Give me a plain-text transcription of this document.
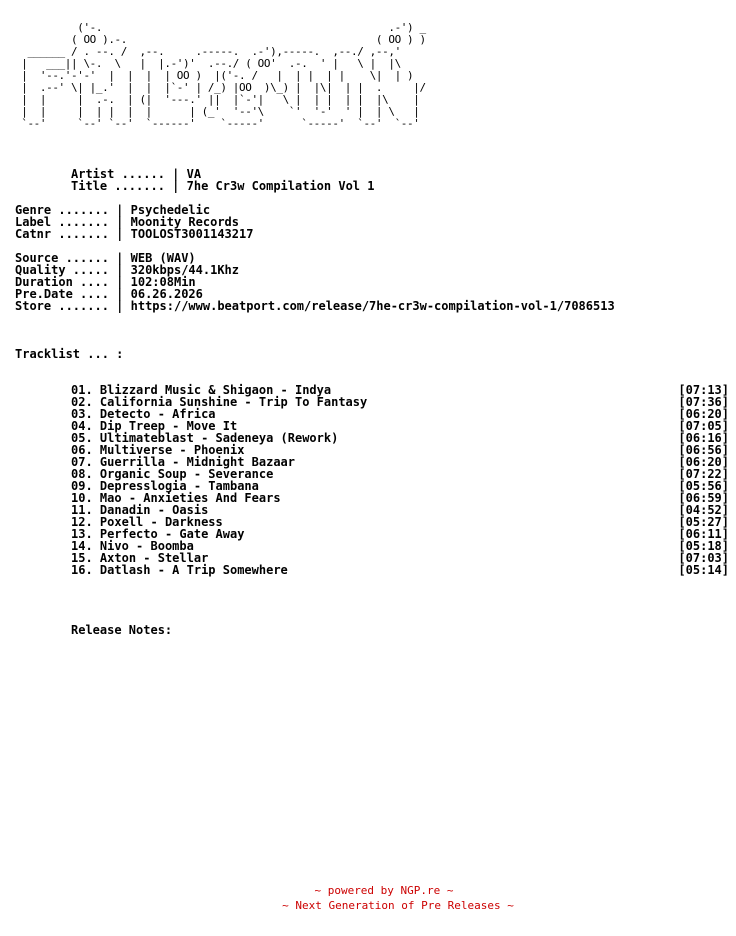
('-.                                              .-') _
( OO ).-.                                        ( OO ) )
______ / . --. /  ,--.     .-----.  .-'),-----.  ,--./ ,--,'
|   ___|| \-.  \   |  |.-')'  .--./ ( OO'  .-.  ' |   \ |  |\
|  '--.'-'-'  |  |  |  | OO )  |('-. /   |  | |  | |    \|  | )
|  .--' \| |_.'  |  |  |`-' | /_) |OO  )\_) |  |\|  | |  .     |/
|  |     |  .-.  | (|  '---.' ||  |`-'|   \ |  | |  | |  |\    |
|  |     |  | |  |  |      | (_'  '--'\    `'  '-'  ' |  | \   |
`--'     `--' `--'  `------'    `-----'      `-----'  `--'  `--'
Artist ...... | VA
Title ....... | 7he Cr3w Compilation Vol 1
Genre ....... | Psychedelic
Label ....... | Moonity Records
Catnr ....... | TOOLOST3001143217
Source ...... | WEB (WAV)
Quality ..... | 320kbps/44.1Khz
Duration .... | 102:08Min
Pre.Date .... | 06.26.2026
Store ....... | https://www.beatport.com/release/7he-cr3w-compilation-vol-1/7086513
Tracklist ... :
01. Blizzard Music & Shigaon - Indya	[07:13]
02. California Sunshine - Trip To Fantasy	[07:36]
03. Detecto - Africa	[06:20]
04. Dip Treep - Move It	[07:05]
05. Ultimateblast - Sadeneya (Rework)	[06:16]
06. Multiverse - Phoenix	[06:56]
07. Guerrilla - Midnight Bazaar	[06:20]
08. Organic Soup - Severance	[07:22]
09. Depresslogia - Tambana	[05:56]
10. Mao - Anxieties And Fears	[06:59]
11. Danadin - Oasis	[04:52]
12. Poxell - Darkness	[05:27]
13. Perfecto - Gate Away	[06:11]
14. Nivo - Boomba	[05:18]
15. Axton - Stellar	[07:03]
16. Datlash - A Trip Somewhere	[05:14]
Release Notes:
~ powered by NGP.re ~
~ Next Generation of Pre Releases ~
